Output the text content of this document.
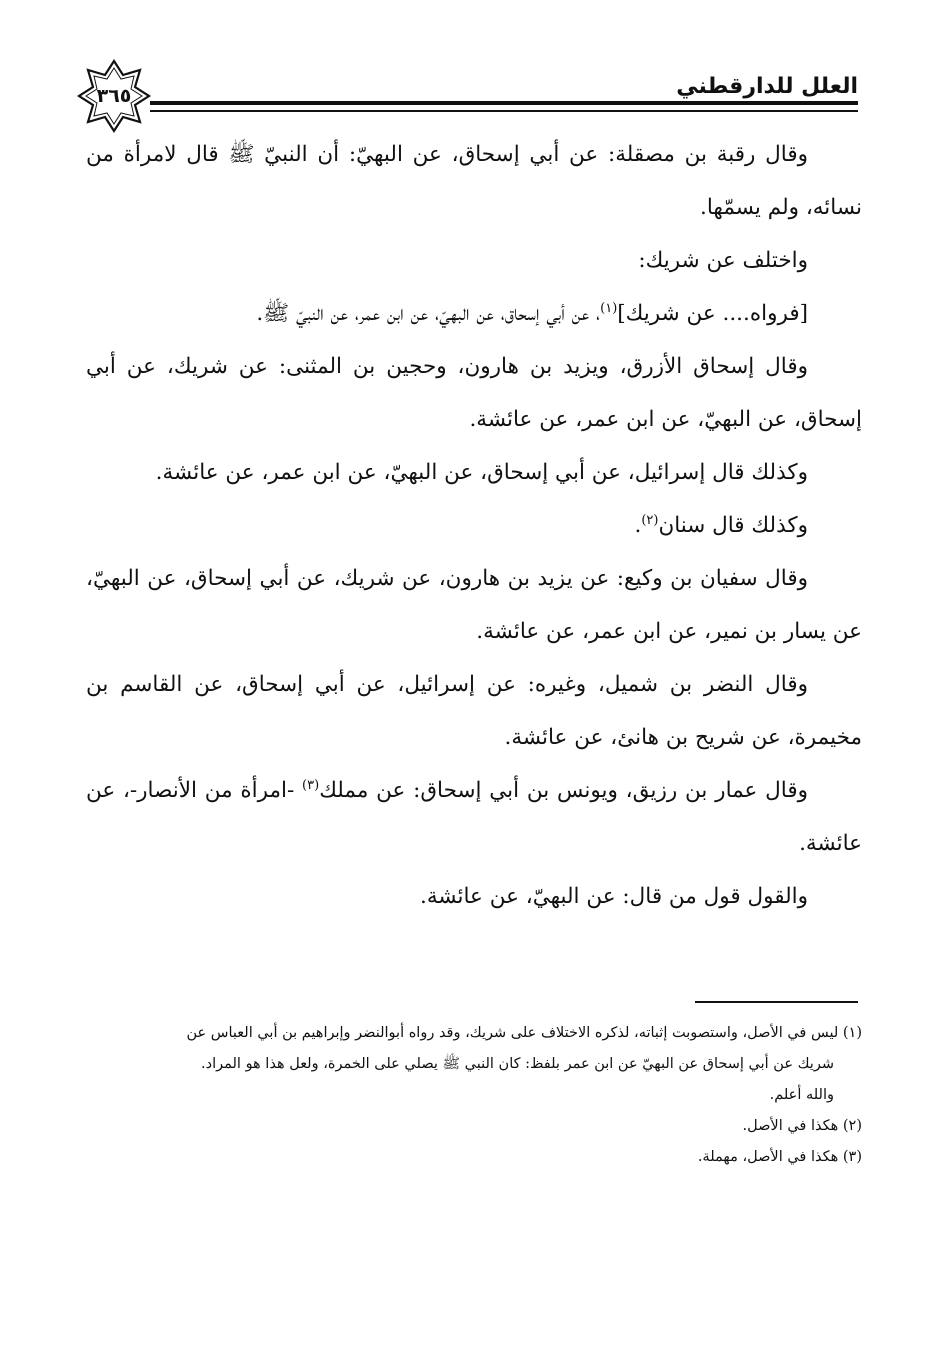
العلل للدارقطني
٣٦٥

وقال رقبة بن مصقلة: عن أبي إسحاق، عن البهيّ: أن النبيّ ﷺ قال لامرأة من نسائه، ولم يسمّها.

واختلف عن شريك:

[فرواه.... عن شريك]$^{(١)}$، عن أبي إسحاق، عن البهيّ، عن ابن عمر، عن النبيّ ﷺ.

وقال إسحاق الأزرق، ويزيد بن هارون، وحجين بن المثنى: عن شريك، عن أبي إسحاق، عن البهيّ، عن ابن عمر، عن عائشة.

وكذلك قال إسرائيل، عن أبي إسحاق، عن البهيّ، عن ابن عمر، عن عائشة.

وكذلك قال سنان$^{(٢)}$.

وقال سفيان بن وكيع: عن يزيد بن هارون، عن شريك، عن أبي إسحاق، عن البهيّ، عن يسار بن نمير، عن ابن عمر، عن عائشة.

وقال النضر بن شميل، وغيره: عن إسرائيل، عن أبي إسحاق، عن القاسم بن مخيمرة، عن شريح بن هانئ، عن عائشة.

وقال عمار بن رزيق، ويونس بن أبي إسحاق: عن مملك$^{(٣)}$ -امرأة من الأنصار-، عن عائشة.

والقول قول من قال: عن البهيّ، عن عائشة.

(١) ليس في الأصل، واستصوبت إثباته، لذكره الاختلاف على شريك، وقد رواه أبوالنضر وإبراهيم بن أبي العباس عن

شريك عن أبي إسحاق عن البهيّ عن ابن عمر بلفظ: كان النبي ﷺ يصلي على الخمرة، ولعل هذا هو المراد.

والله أعلم.

(٢) هكذا في الأصل.

(٣) هكذا في الأصل، مهملة.
